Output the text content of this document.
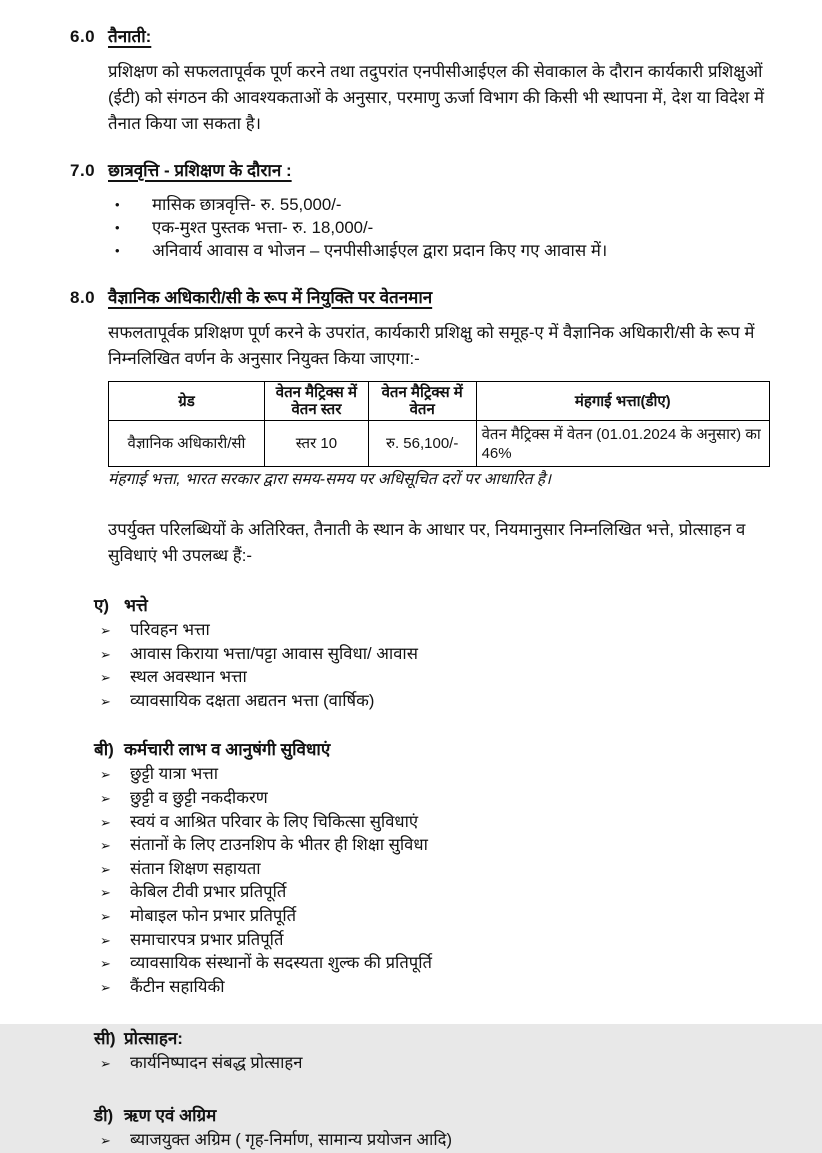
6.0 तैनाती:

प्रशिक्षण को सफलतापूर्वक पूर्ण करने तथा तदुपरांत एनपीसीआईएल की सेवाकाल के दौरान कार्यकारी प्रशिक्षुओं (ईटी) को संगठन की आवश्यकताओं के अनुसार, परमाणु ऊर्जा विभाग की किसी भी स्थापना में, देश या विदेश में तैनात किया जा सकता है।

7.0 छात्रवृत्ति - प्रशिक्षण के दौरान :
•	मासिक छात्रवृत्ति- रु. 55,000/-
•	एक-मुश्त पुस्तक भत्ता- रु. 18,000/-
•	अनिवार्य आवास व भोजन – एनपीसीआईएल द्वारा प्रदान किए गए आवास में।
8.0 वैज्ञानिक अधिकारी/सी के रूप में नियुक्ति पर वेतनमान

सफलतापूर्वक प्रशिक्षण पूर्ण करने के उपरांत, कार्यकारी प्रशिक्षु को समूह-ए में वैज्ञानिक अधिकारी/सी के रूप में निम्नलिखित वर्णन के अनुसार नियुक्त किया जाएगा:-

ग्रेड	वेतन मैट्रिक्स में वेतन स्तर	वेतन मैट्रिक्स में वेतन	मंहगाई भत्ता(डीए)
वैज्ञानिक अधिकारी/सी	स्तर 10	रु. 56,100/-	वेतन मैट्रिक्स में वेतन (01.01.2024 के अनुसार) का 46%
मंहगाई भत्ता, भारत सरकार द्वारा समय-समय पर अधिसूचित दरों पर आधारित है।

उपर्युक्त परिलब्धियों के अतिरिक्त, तैनाती के स्थान के आधार पर, नियमानुसार निम्नलिखित भत्ते, प्रोत्साहन व सुविधाएं भी उपलब्ध हैं:-

ए) भत्ते
➢	परिवहन भत्ता
➢	आवास किराया भत्ता/पट्टा आवास सुविधा/ आवास
➢	स्थल अवस्थान भत्ता
➢	व्यावसायिक दक्षता अद्यतन भत्ता (वार्षिक)
बी) कर्मचारी लाभ व आनुषंगी सुविधाएं
➢	छुट्टी यात्रा भत्ता
➢	छुट्टी व छुट्टी नकदीकरण
➢	स्वयं व आश्रित परिवार के लिए चिकित्सा सुविधाएं
➢	संतानों के लिए टाउनशिप के भीतर ही शिक्षा सुविधा
➢	संतान शिक्षण सहायता
➢	केबिल टीवी प्रभार प्रतिपूर्ति
➢	मोबाइल फोन प्रभार प्रतिपूर्ति
➢	समाचारपत्र प्रभार प्रतिपूर्ति
➢	व्यावसायिक संस्थानों के सदस्यता शुल्क की प्रतिपूर्ति
➢	कैंटीन सहायिकी
सी) प्रोत्साहन:
➢	कार्यनिष्पादन संबद्ध प्रोत्साहन
डी) ऋण एवं अग्रिम
➢	ब्याजयुक्त अग्रिम ( गृह-निर्माण, सामान्य प्रयोजन आदि)
